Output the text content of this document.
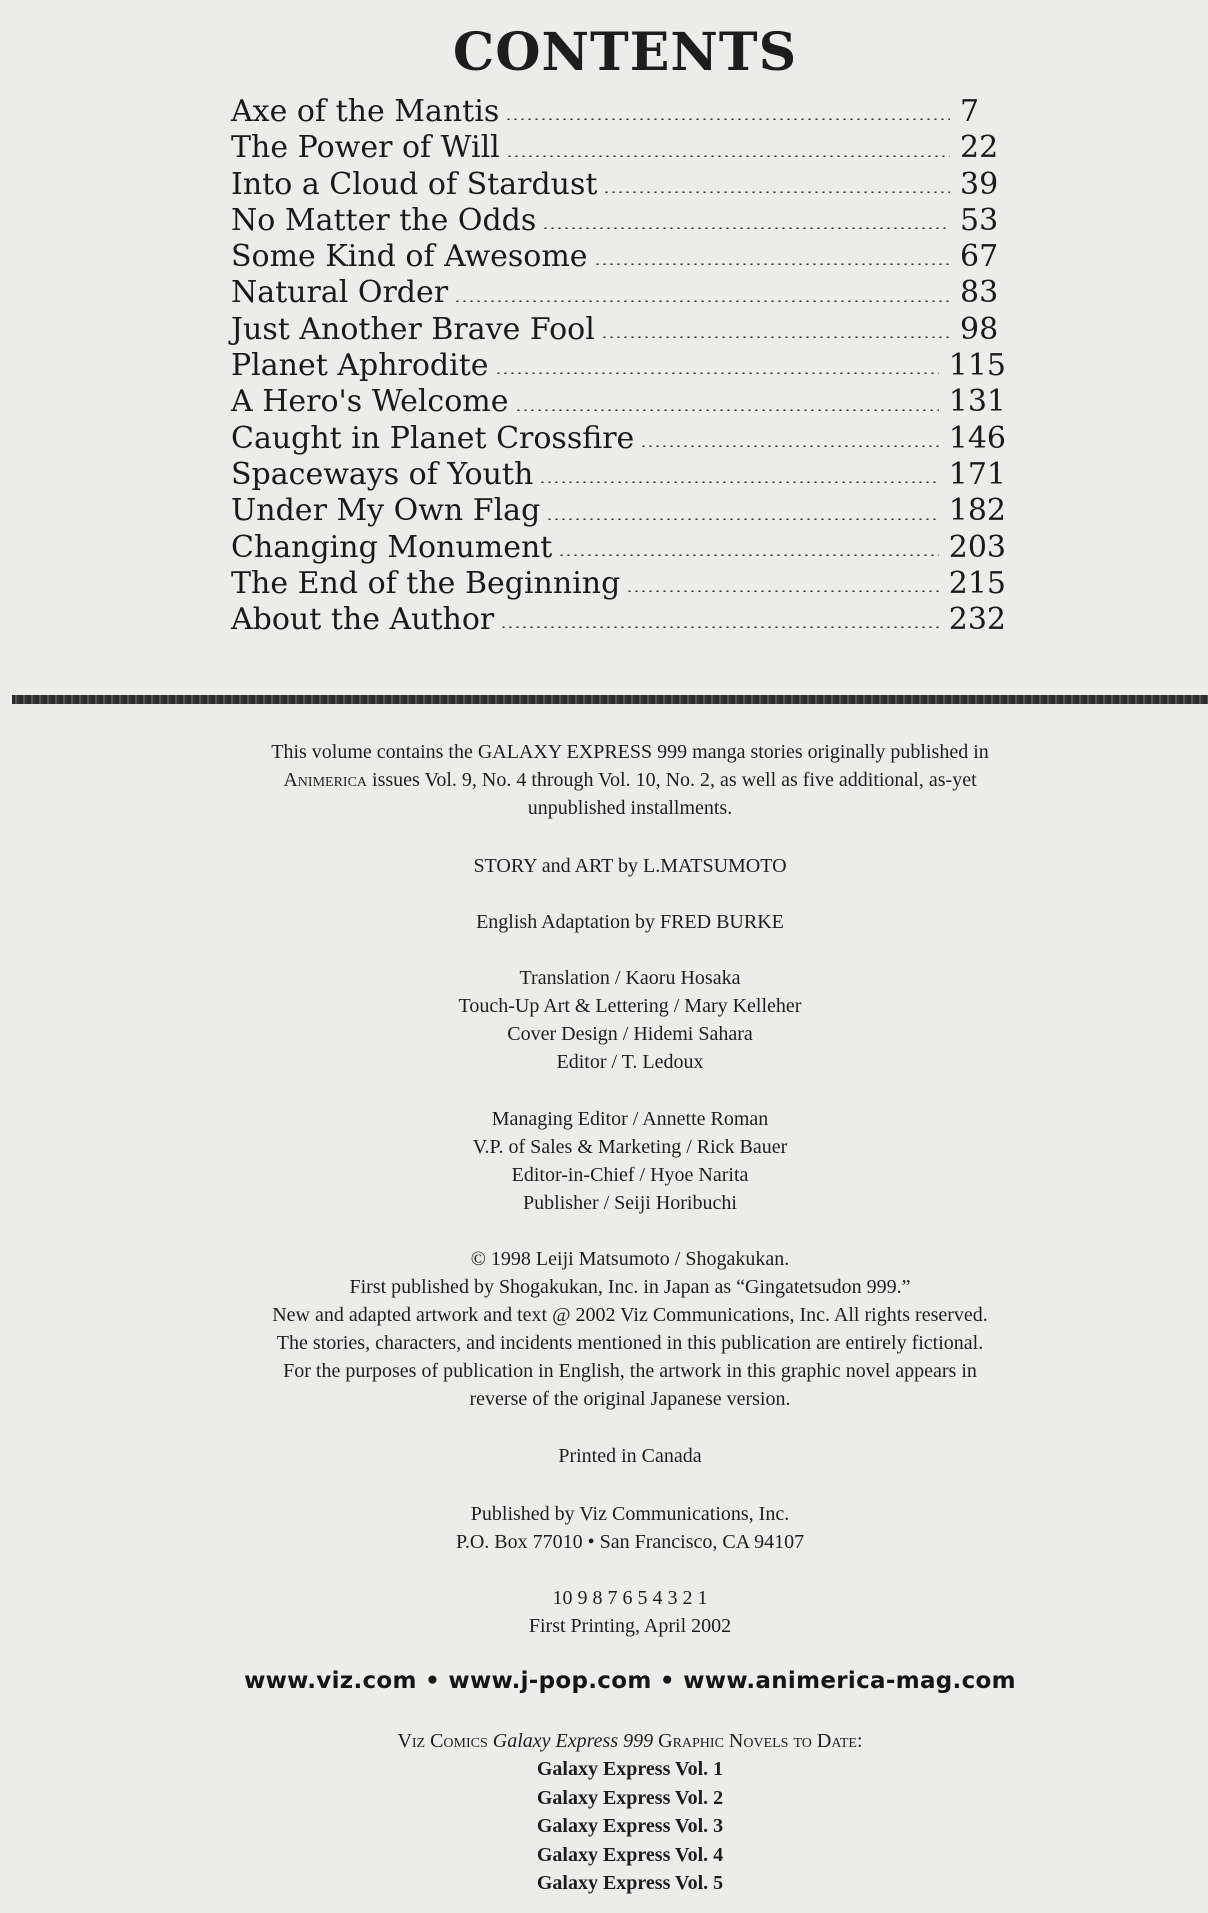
CONTENTS
Axe of the Mantis	7
The Power of Will	22
Into a Cloud of Stardust	39
No Matter the Odds	53
Some Kind of Awesome	67
Natural Order	83
Just Another Brave Fool	98
Planet Aphrodite	115
A Hero's Welcome	131
Caught in Planet Crossfire	146
Spaceways of Youth	171
Under My Own Flag	182
Changing Monument	203
The End of the Beginning	215
About the Author	232
This volume contains the GALAXY EXPRESS 999 manga stories originally published in
Animerica issues Vol. 9, No. 4 through Vol. 10, No. 2, as well as five additional, as-yet
unpublished installments.
STORY and ART by L.MATSUMOTO
English Adaptation by FRED BURKE
Translation / Kaoru Hosaka
Touch-Up Art & Lettering / Mary Kelleher
Cover Design / Hidemi Sahara
Editor / T. Ledoux
Managing Editor / Annette Roman
V.P. of Sales & Marketing / Rick Bauer
Editor-in-Chief / Hyoe Narita
Publisher / Seiji Horibuchi
© 1998 Leiji Matsumoto / Shogakukan.
First published by Shogakukan, Inc. in Japan as “Gingatetsudon 999.”
New and adapted artwork and text @ 2002 Viz Communications, Inc. All rights reserved.
The stories, characters, and incidents mentioned in this publication are entirely fictional.
For the purposes of publication in English, the artwork in this graphic novel appears in
reverse of the original Japanese version.
Printed in Canada
Published by Viz Communications, Inc.
P.O. Box 77010 • San Francisco, CA 94107
10 9 8 7 6 5 4 3 2 1
First Printing, April 2002
www.viz.com • www.j-pop.com • www.animerica-mag.com
Viz Comics Galaxy Express 999 Graphic Novels to Date:
Galaxy Express Vol. 1
Galaxy Express Vol. 2
Galaxy Express Vol. 3
Galaxy Express Vol. 4
Galaxy Express Vol. 5
